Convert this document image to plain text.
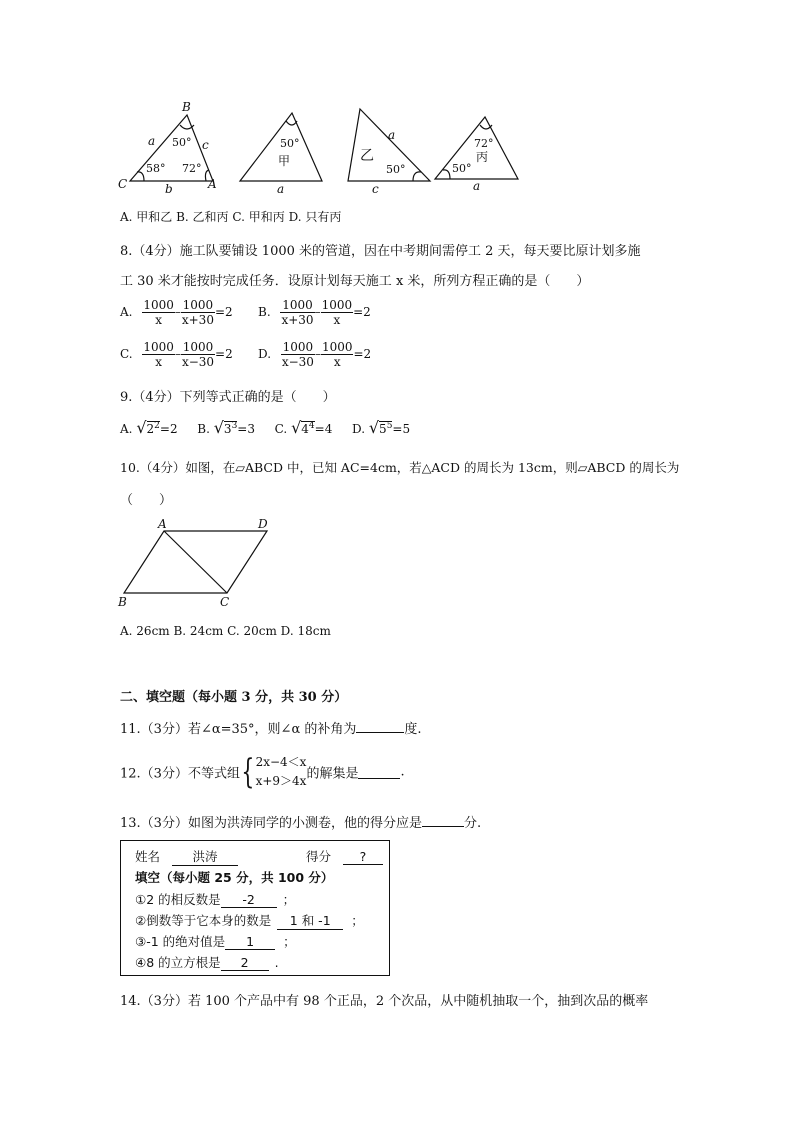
B
C	A
a	c
b
50°
58° 72°
50°
甲
a
a
乙
50°
c
72°
丙
50°
a
A. 甲和乙 B. 乙和丙 C. 甲和丙 D. 只有丙
8.（4分）施工队要铺设 1000 米的管道，因在中考期间需停工 2 天，每天要比原计划多施
工 30 米才能按时完成任务．设原计划每天施工 x 米，所列方程正确的是（　　）
A. $\frac{1000}{x} - \frac{1000}{x+30} =2$ B. $\frac{1000}{x+30} - \frac{1000}{x} =2$
C. $\frac{1000}{x} - \frac{1000}{x-30} =2$ D. $\frac{1000}{x-30} - \frac{1000}{x} =2$
9.（4分）下列等式正确的是（　　）
A. $√2^2=2$ B. $√3^3=3$ C. $√4^4=4$ D. $√5^5=5$
10.（4分）如图，在▱ABCD 中，已知 AC=4cm，若△ACD 的周长为 13cm，则▱ABCD 的周长为
（　　）
A	D
B	C
A. 26cm B. 24cm C. 20cm D. 18cm
二、填空题（每小题 3 分，共 30 分）
11.（3分）若∠α=35°，则∠α 的补角为	度.
12.（3分）不等式组{ 2x−4＜x
x+9＞4x 的解集是	.
13.（3分）如图为洪涛同学的小测卷，他的得分应是	分.
姓名	洪涛	得分 ?
填空（每小题 25 分，共 100 分）
①2 的相反数是 -2 ；
②倒数等于它本身的数是 1 和 -1 ；
③-1 的绝对值是 1 ；
④8 的立方根是 2 .
14.（3分）若 100 个产品中有 98 个正品，2 个次品，从中随机抽取一个，抽到次品的概率
